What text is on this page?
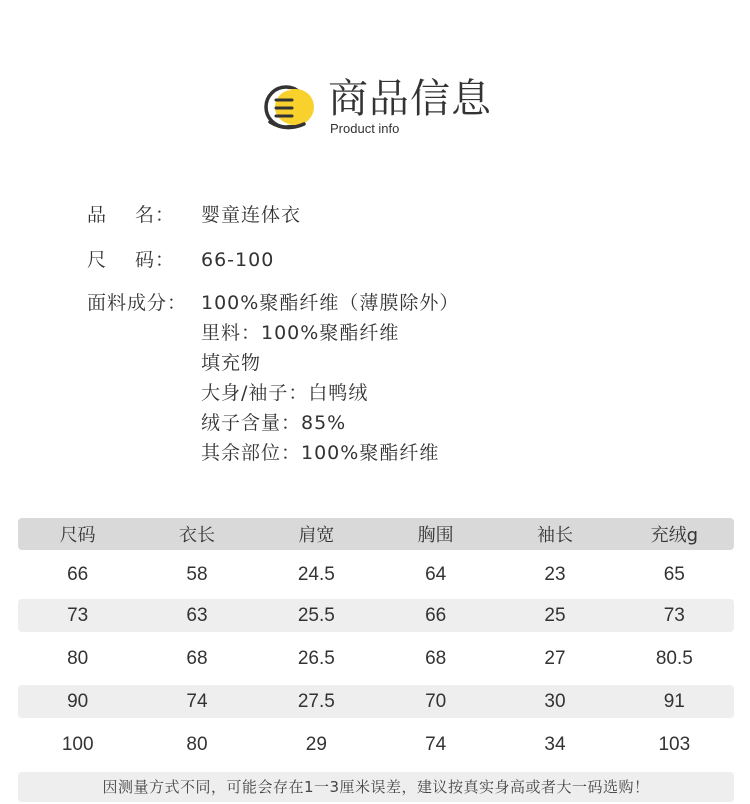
商品信息
Product info
品 名：	婴童连体衣
尺 码：	66-100
面料成分： 100%聚酯纤维（薄膜除外）
里料：100%聚酯纤维
填充物
大身/袖子：白鸭绒
绒子含量：85%
其余部位：100%聚酯纤维
尺码	衣长	肩宽	胸围	袖长	充绒g
66	58	24.5	64	23	65
73	63	25.5	66	25	73
80	68	26.5	68	27	80.5
90	74	27.5	70	30	91
100	80	29	74	34	103
因测量方式不同，可能会存在1一3厘米误差，建议按真实身高或者大一码选购！
